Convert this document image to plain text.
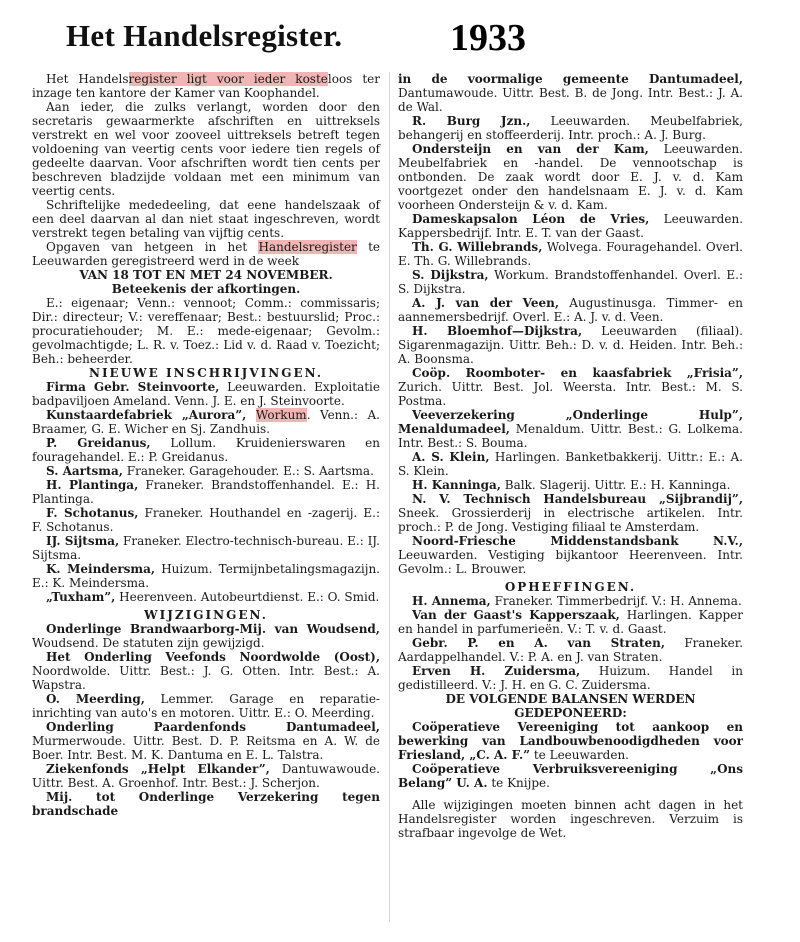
Het Handelsregister.	1933

Het Handelsregister ligt voor ieder kosteloos ter inzage ten kantore der Kamer van Koophandel.

Aan ieder, die zulks verlangt, worden door den secretaris gewaarmerkte afschriften en uittreksels verstrekt en wel voor zooveel uittreksels betreft tegen voldoening van veertig cents voor iedere tien regels of gedeelte daarvan. Voor afschriften wordt tien cents per beschreven bladzijde voldaan met een minimum van veertig cents.

Schriftelijke mededeeling, dat eene handelszaak of een deel daarvan al dan niet staat ingeschreven, wordt verstrekt tegen betaling van vijftig cents.

Opgaven van hetgeen in het Handelsregister te Leeuwarden geregistreerd werd in de week

VAN 18 TOT EN MET 24 NOVEMBER.

Beteekenis der afkortingen.

E.: eigenaar; Venn.: vennoot; Comm.: commissaris; Dir.: directeur; V.: vereffenaar; Best.: bestuurslid; Proc.: procuratiehouder; M. E.: mede-eigenaar; Gevolm.: gevolmachtigde; L. R. v. Toez.: Lid v. d. Raad v. Toezicht; Beh.: beheerder.

NIEUWE INSCHRIJVINGEN.

Firma Gebr. Steinvoorte, Leeuwarden. Exploitatie badpaviljoen Ameland. Venn. J. E. en J. Steinvoorte.

Kunstaardefabriek „Aurora”, Workum. Venn.: A. Braamer, G. E. Wicher en Sj. Zandhuis.

P. Greidanus, Lollum. Kruidenierswaren en fouragehandel. E.: P. Greidanus.

S. Aartsma, Franeker. Garagehouder. E.: S. Aartsma.

H. Plantinga, Franeker. Brandstoffenhandel. E.: H. Plantinga.

F. Schotanus, Franeker. Houthandel en -zagerij. E.: F. Schotanus.

IJ. Sijtsma, Franeker. Electro-technisch-bureau. E.: IJ. Sijtsma.

K. Meindersma, Huizum. Termijnbetalingsmagazijn. E.: K. Meindersma.

„Tuxham”, Heerenveen. Autobeurtdienst. E.: O. Smid.

WIJZIGINGEN.

Onderlinge Brandwaarborg-Mij. van Woudsend, Woudsend. De statuten zijn gewijzigd.

Het Onderling Veefonds Noordwolde (Oost), Noordwolde. Uittr. Best.: J. G. Otten. Intr. Best.: A. Wapstra.

O. Meerding, Lemmer. Garage en reparatie-inrichting van auto's en motoren. Uittr. E.: O. Meerding.

Onderling Paardenfonds Dantumadeel, Murmerwoude. Uittr. Best. D. P. Reitsma en A. W. de Boer. Intr. Best. M. K. Dantuma en E. L. Talstra.

Ziekenfonds „Helpt Elkander”, Dantuwawoude. Uittr. Best. A. Groenhof. Intr. Best.: J. Scherjon.

Mij. tot Onderlinge Verzekering tegen brandschade

in de voormalige gemeente Dantumadeel, Dantumawoude. Uittr. Best. B. de Jong. Intr. Best.: J. A. de Wal.

R. Burg Jzn., Leeuwarden. Meubelfabriek, behangerij en stoffeerderij. Intr. proch.: A. J. Burg.

Ondersteijn en van der Kam, Leeuwarden. Meubelfabriek en -handel. De vennootschap is ontbonden. De zaak wordt door E. J. v. d. Kam voortgezet onder den handelsnaam E. J. v. d. Kam voorheen Ondersteijn & v. d. Kam.

Dameskapsalon Léon de Vries, Leeuwarden. Kappersbedrijf. Intr. E. T. van der Gaast.

Th. G. Willebrands, Wolvega. Fouragehandel. Overl. E. Th. G. Willebrands.

S. Dijkstra, Workum. Brandstoffenhandel. Overl. E.: S. Dijkstra.

A. J. van der Veen, Augustinusga. Timmer- en aannemersbedrijf. Overl. E.: A. J. v. d. Veen.

H. Bloemhof—Dijkstra, Leeuwarden (filiaal). Sigarenmagazijn. Uittr. Beh.: D. v. d. Heiden. Intr. Beh.: A. Boonsma.

Coöp. Roomboter- en kaasfabriek „Frisia”, Zurich. Uittr. Best. Jol. Weersta. Intr. Best.: M. S. Postma.

Veeverzekering „Onderlinge Hulp”, Menaldumadeel, Menaldum. Uittr. Best.: G. Lolkema. Intr. Best.: S. Bouma.

A. S. Klein, Harlingen. Banketbakkerij. Uittr.: E.: A. S. Klein.

H. Kanninga, Balk. Slagerij. Uittr. E.: H. Kanninga.

N. V. Technisch Handelsbureau „Sijbrandij”, Sneek. Grossierderij in electrische artikelen. Intr. proch.: P. de Jong. Vestiging filiaal te Amsterdam.

Noord-Friesche Middenstandsbank N.V., Leeuwarden. Vestiging bijkantoor Heerenveen. Intr. Gevolm.: L. Brouwer.

OPHEFFINGEN.

H. Annema, Franeker. Timmerbedrijf. V.: H. Annema.

Van der Gaast's Kapperszaak, Harlingen. Kapper en handel in parfumerieën. V.: T. v. d. Gaast.

Gebr. P. en A. van Straten, Franeker. Aardappelhandel. V.: P. A. en J. van Straten.

Erven H. Zuidersma, Huizum. Handel in gedistilleerd. V.: J. H. en G. C. Zuidersma.

DE VOLGENDE BALANSEN WERDEN

GEDEPONEERD:

Coöperatieve Vereeniging tot aankoop en bewerking van Landbouwbenoodigdheden voor Friesland, „C. A. F.” te Leeuwarden.

Coöperatieve Verbruiksvereeniging „Ons Belang” U. A. te Knijpe.

Alle wijzigingen moeten binnen acht dagen in het Handelsregister worden ingeschreven. Verzuim is strafbaar ingevolge de Wet.
